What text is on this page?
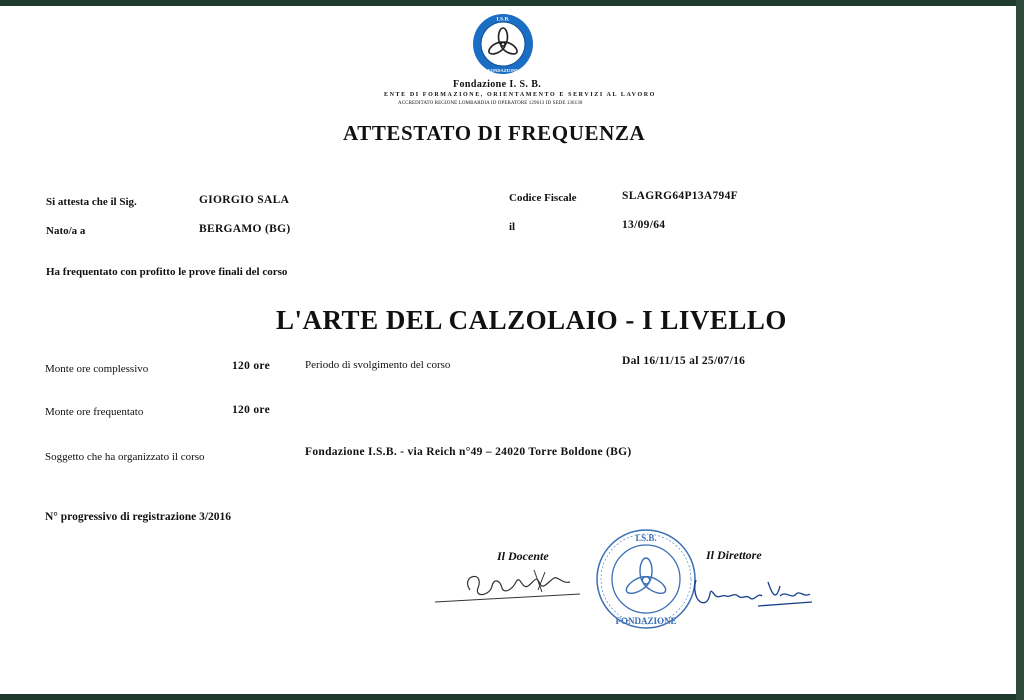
I.S.B.
FONDAZIONE
Fondazione I. S. B.
ENTE DI FORMAZIONE, ORIENTAMENTO E SERVIZI AL LAVORO
ACCREDITATO REGIONE LOMBARDIA ID OPERATORE 129613 ID SEDE 136130
ATTESTATO DI FREQUENZA
Si attesta che il Sig.	GIORGIO SALA	Codice Fiscale	SLAGRG64P13A794F
Nato/a a	BERGAMO (BG)	il	13/09/64
Ha frequentato con profitto le prove finali del corso
L'ARTE DEL CALZOLAIO - I LIVELLO
Monte ore complessivo	120 ore	Periodo di svolgimento del corso	Dal 16/11/15 al 25/07/16
Monte ore frequentato	120 ore
Soggetto che ha organizzato il corso	Fondazione I.S.B. - via Reich n°49 – 24020 Torre Boldone (BG)
N° progressivo di registrazione 3/2016
Il Docente	Il Direttore
I.S.B.
FONDAZIONE
